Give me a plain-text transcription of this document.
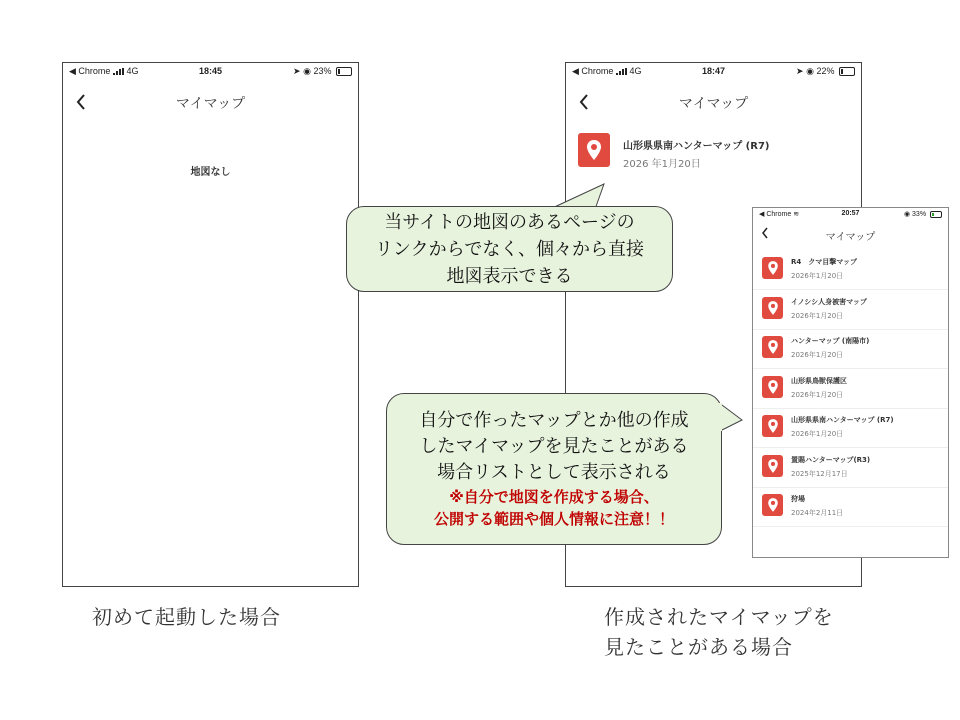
◀ Chrome 4G	18:45	➤ ◉ 23%
マイマップ
地図なし
◀ Chrome 4G	18:47	➤ ◉ 22%
マイマップ
山形県県南ハンターマップ (R7)
2026 年1月20日
◀ Chrome ≋	20:57	◉ 33%
マイマップ
R4　クマ目撃マップ
2026年1月20日
イノシシ人身被害マップ
2026年1月20日
ハンターマップ (南陽市)
2026年1月20日
山形県鳥獣保護区
2026年1月20日
山形県県南ハンターマップ (R7)
2026年1月20日
置賜ハンターマップ(R3)
2025年12月17日
狩場
2024年2月11日
当サイトの地図のあるページの
リンクからでなく、個々から直接
地図表示できる
自分で作ったマップとか他の作成
したマイマップを見たことがある
場合リストとして表示される
※自分で地図を作成する場合、
公開する範囲や個人情報に注意！！
初めて起動した場合	作成されたマイマップを
見たことがある場合
